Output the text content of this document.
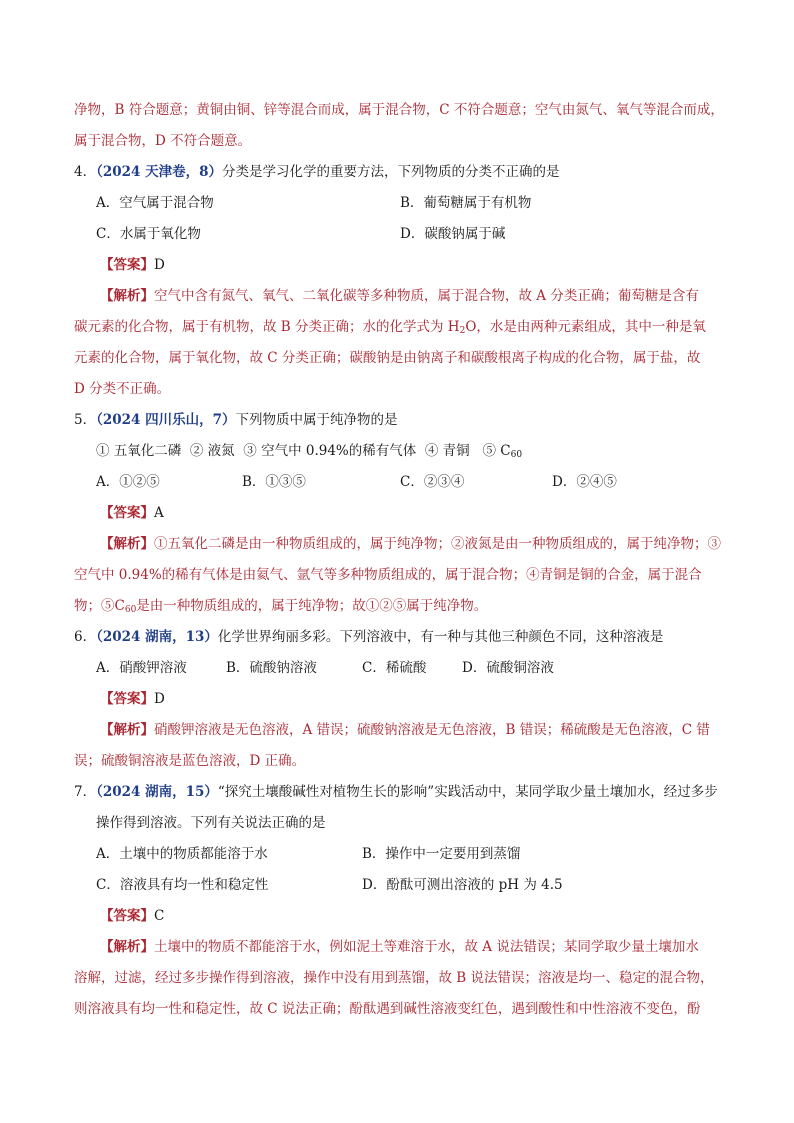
净物，B 符合题意；黄铜由铜、锌等混合而成，属于混合物，C 不符合题意；空气由氮气、氧气等混合而成，
属于混合物，D 不符合题意。
4．（2024 天津卷，8）分类是学习化学的重要方法，下列物质的分类不正确的是
A．空气属于混合物	B．葡萄糖属于有机物
C．水属于氧化物	D．碳酸钠属于碱
【答案】D
【解析】空气中含有氮气、氧气、二氧化碳等多种物质，属于混合物，故 A 分类正确；葡萄糖是含有
碳元素的化合物，属于有机物，故 B 分类正确；水的化学式为 $H_2O$，水是由两种元素组成，其中一种是氧
元素的化合物，属于氧化物，故 C 分类正确；碳酸钠是由钠离子和碳酸根离子构成的化合物，属于盐，故
D 分类不正确。
5．（2024 四川乐山，7）下列物质中属于纯净物的是
① 五氧化二磷 ② 液氮 ③ 空气中 0.94%的稀有气体 ④ 青铜 ⑤ $C_{60}$
A．①②⑤	B．①③⑤	C．②③④	D．②④⑤
【答案】A
【解析】①五氧化二磷是由一种物质组成的，属于纯净物；②液氮是由一种物质组成的，属于纯净物；③
空气中 0.94%的稀有气体是由氦气、氩气等多种物质组成的，属于混合物；④青铜是铜的合金，属于混合
物；$⑤C_{60}$是由一种物质组成的，属于纯净物；故①②⑤属于纯净物。
6．（2024 湖南，13）化学世界绚丽多彩。下列溶液中，有一种与其他三种颜色不同，这种溶液是
A．硝酸钾溶液	B．硫酸钠溶液	C．稀硫酸	D．硫酸铜溶液
【答案】D
【解析】硝酸钾溶液是无色溶液，A 错误；硫酸钠溶液是无色溶液，B 错误；稀硫酸是无色溶液，C 错
误；硫酸铜溶液是蓝色溶液，D 正确。
7．（2024 湖南，15）“探究土壤酸碱性对植物生长的影响”实践活动中，某同学取少量土壤加水，经过多步
操作得到溶液。下列有关说法正确的是
A．土壤中的物质都能溶于水	B．操作中一定要用到蒸馏
C．溶液具有均一性和稳定性	D．酚酞可测出溶液的 pH 为 4.5
【答案】C
【解析】土壤中的物质不都能溶于水，例如泥土等难溶于水，故 A 说法错误；某同学取少量土壤加水
溶解，过滤，经过多步操作得到溶液，操作中没有用到蒸馏，故 B 说法错误；溶液是均一、稳定的混合物，
则溶液具有均一性和稳定性，故 C 说法正确；酚酞遇到碱性溶液变红色，遇到酸性和中性溶液不变色，酚
